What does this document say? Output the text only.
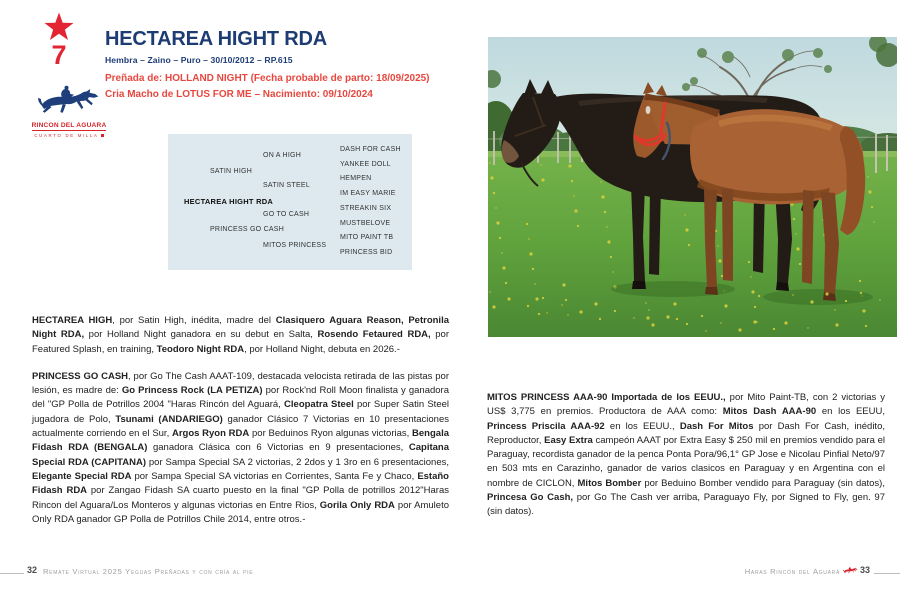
7
RINCON DEL AGUARA
CUARTO DE MILLA
HECTAREA HIGHT RDA
Hembra – Zaino – Puro – 30/10/2012 – RP.615
Preñada de: HOLLAND NIGHT (Fecha probable de parto: 18/09/2025)
Cria Macho de LOTUS FOR ME – Nacimiento: 09/10/2024
HECTAREA HIGHT RDA
SATIN HIGH
PRINCESS GO CASH
ON A HIGH
SATIN STEEL
GO TO CASH
MITOS PRINCESS
DASH FOR CASH
YANKEE DOLL
HEMPEN
IM EASY MARIE
STREAKIN SIX
MUSTBELOVE
MITO PAINT TB
PRINCESS BID

HECTAREA HIGH, por Satin High, inédita, madre del Clasiquero Aguara Reason, Petronila Night RDA, por Holland Night ganadora en su debut en Salta, Rosendo Fetaured RDA, por Featured Splash, en training, Teodoro Night RDA, por Holland Night, debuta en 2026.-

PRINCESS GO CASH, por Go The Cash AAAT-109, destacada velocista retirada de las pistas por lesión, es madre de: Go Princess Rock (LA PETIZA) por Rock'nd Roll Moon finalista y ganadora del "GP Polla de Potrillos 2004 "Haras Rincón del Aguará, Cleopatra Steel por Super Satin Steel jugadora de Polo, Tsunami (ANDARIEGO) ganador Clásico 7 Victorias en 10 presentaciones actualmente corriendo en el Sur, Argos Ryon RDA por Beduinos Ryon algunas victorias, Bengala Fidash RDA (BENGALA) ganadora Clásica con 6 Victorias en 9 presentaciones, Capitana Special RDA (CAPITANA) por Sampa Special SA 2 victorias, 2 2dos y 1 3ro en 6 presentaciones, Elegante Special RDA por Sampa Special SA victorias en Corrientes, Santa Fe y Chaco, Estaño Fidash RDA por Zangao Fidash SA cuarto puesto en la final "GP Polla de potrillos 2012"Haras Rincon del Aguara/Los Monteros y algunas victorias en Entre Rios, Gorila Only RDA por Amuleto Only RDA ganador GP Polla de Potrillos Chile 2014, entre otros.-

MITOS PRINCESS AAA-90 Importada de los EEUU., por Mito Paint-TB, con 2 victorias y US$ 3,775 en premios. Productora de AAA como: Mitos Dash AAA-90 en los EEUU, Princess Priscila AAA-92 en los EEUU., Dash For Mitos por Dash For Cash, inédito, Reproductor, Easy Extra campeón AAAT por Extra Easy $ 250 mil en premios vendido para el Paraguay, recordista ganador de la penca Ponta Pora/96,1° GP Jose e Nicolau Pinfial Neto/97 en 503 mts en Carazinho, ganador de varios clasicos en Paraguay y en Argentina con el nombre de CICLON, Mitos Bomber por Beduino Bomber vendido para Paraguay (sin datos), Princesa Go Cash, por Go The Cash ver arriba, Paraguayo Fly, por Signed to Fly, gen. 97 (sin datos).

32 Remate Virtual 2025 Yeguas Preñadas y con cría al pie	Haras Rincón del Aguará 33
